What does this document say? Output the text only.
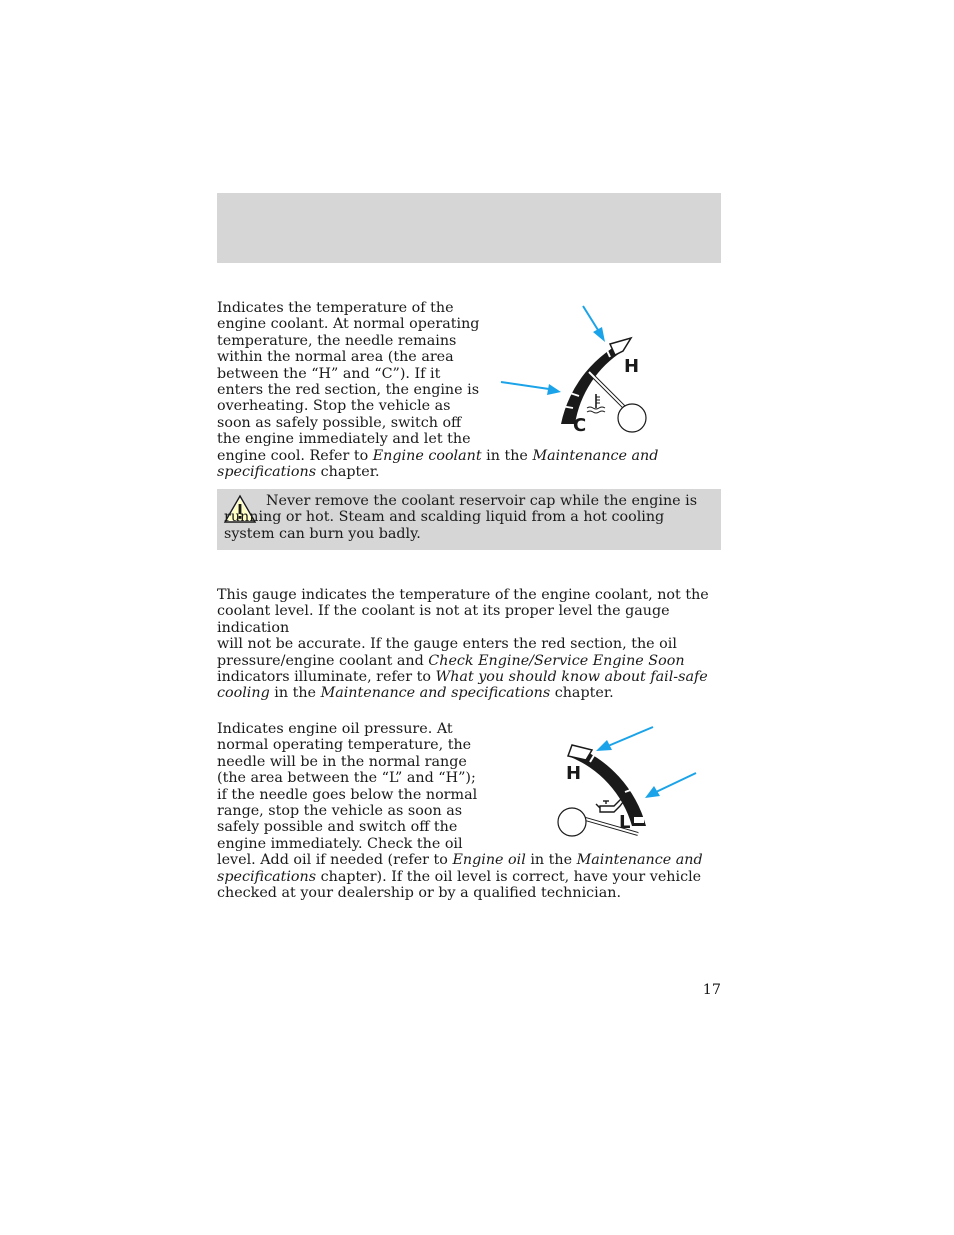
Indicates the temperature of the
engine coolant. At normal operating
temperature, the needle remains
within the normal area (the area
between the “H” and “C”). If it
enters the red section, the engine is
overheating. Stop the vehicle as
soon as safely possible, switch off
the engine immediately and let the
engine cool. Refer to Engine coolant in the Maintenance and
specifications chapter.
H
C

Never remove the coolant reservoir cap while the engine is running or hot. Steam and scalding liquid from a hot cooling system can burn you badly.

This gauge indicates the temperature of the engine coolant, not the
coolant level. If the coolant is not at its proper level the gauge indication
will not be accurate. If the gauge enters the red section, the oil
pressure/engine coolant and Check Engine/Service Engine Soon
indicators illuminate, refer to What you should know about fail-safe
cooling in the Maintenance and specifications chapter.
Indicates engine oil pressure. At
normal operating temperature, the
needle will be in the normal range
(the area between the “L” and “H”);
if the needle goes below the normal
range, stop the vehicle as soon as
safely possible and switch off the
engine immediately. Check the oil
level. Add oil if needed (refer to Engine oil in the Maintenance and
specifications chapter). If the oil level is correct, have your vehicle
checked at your dealership or by a qualified technician.
H
L
17
